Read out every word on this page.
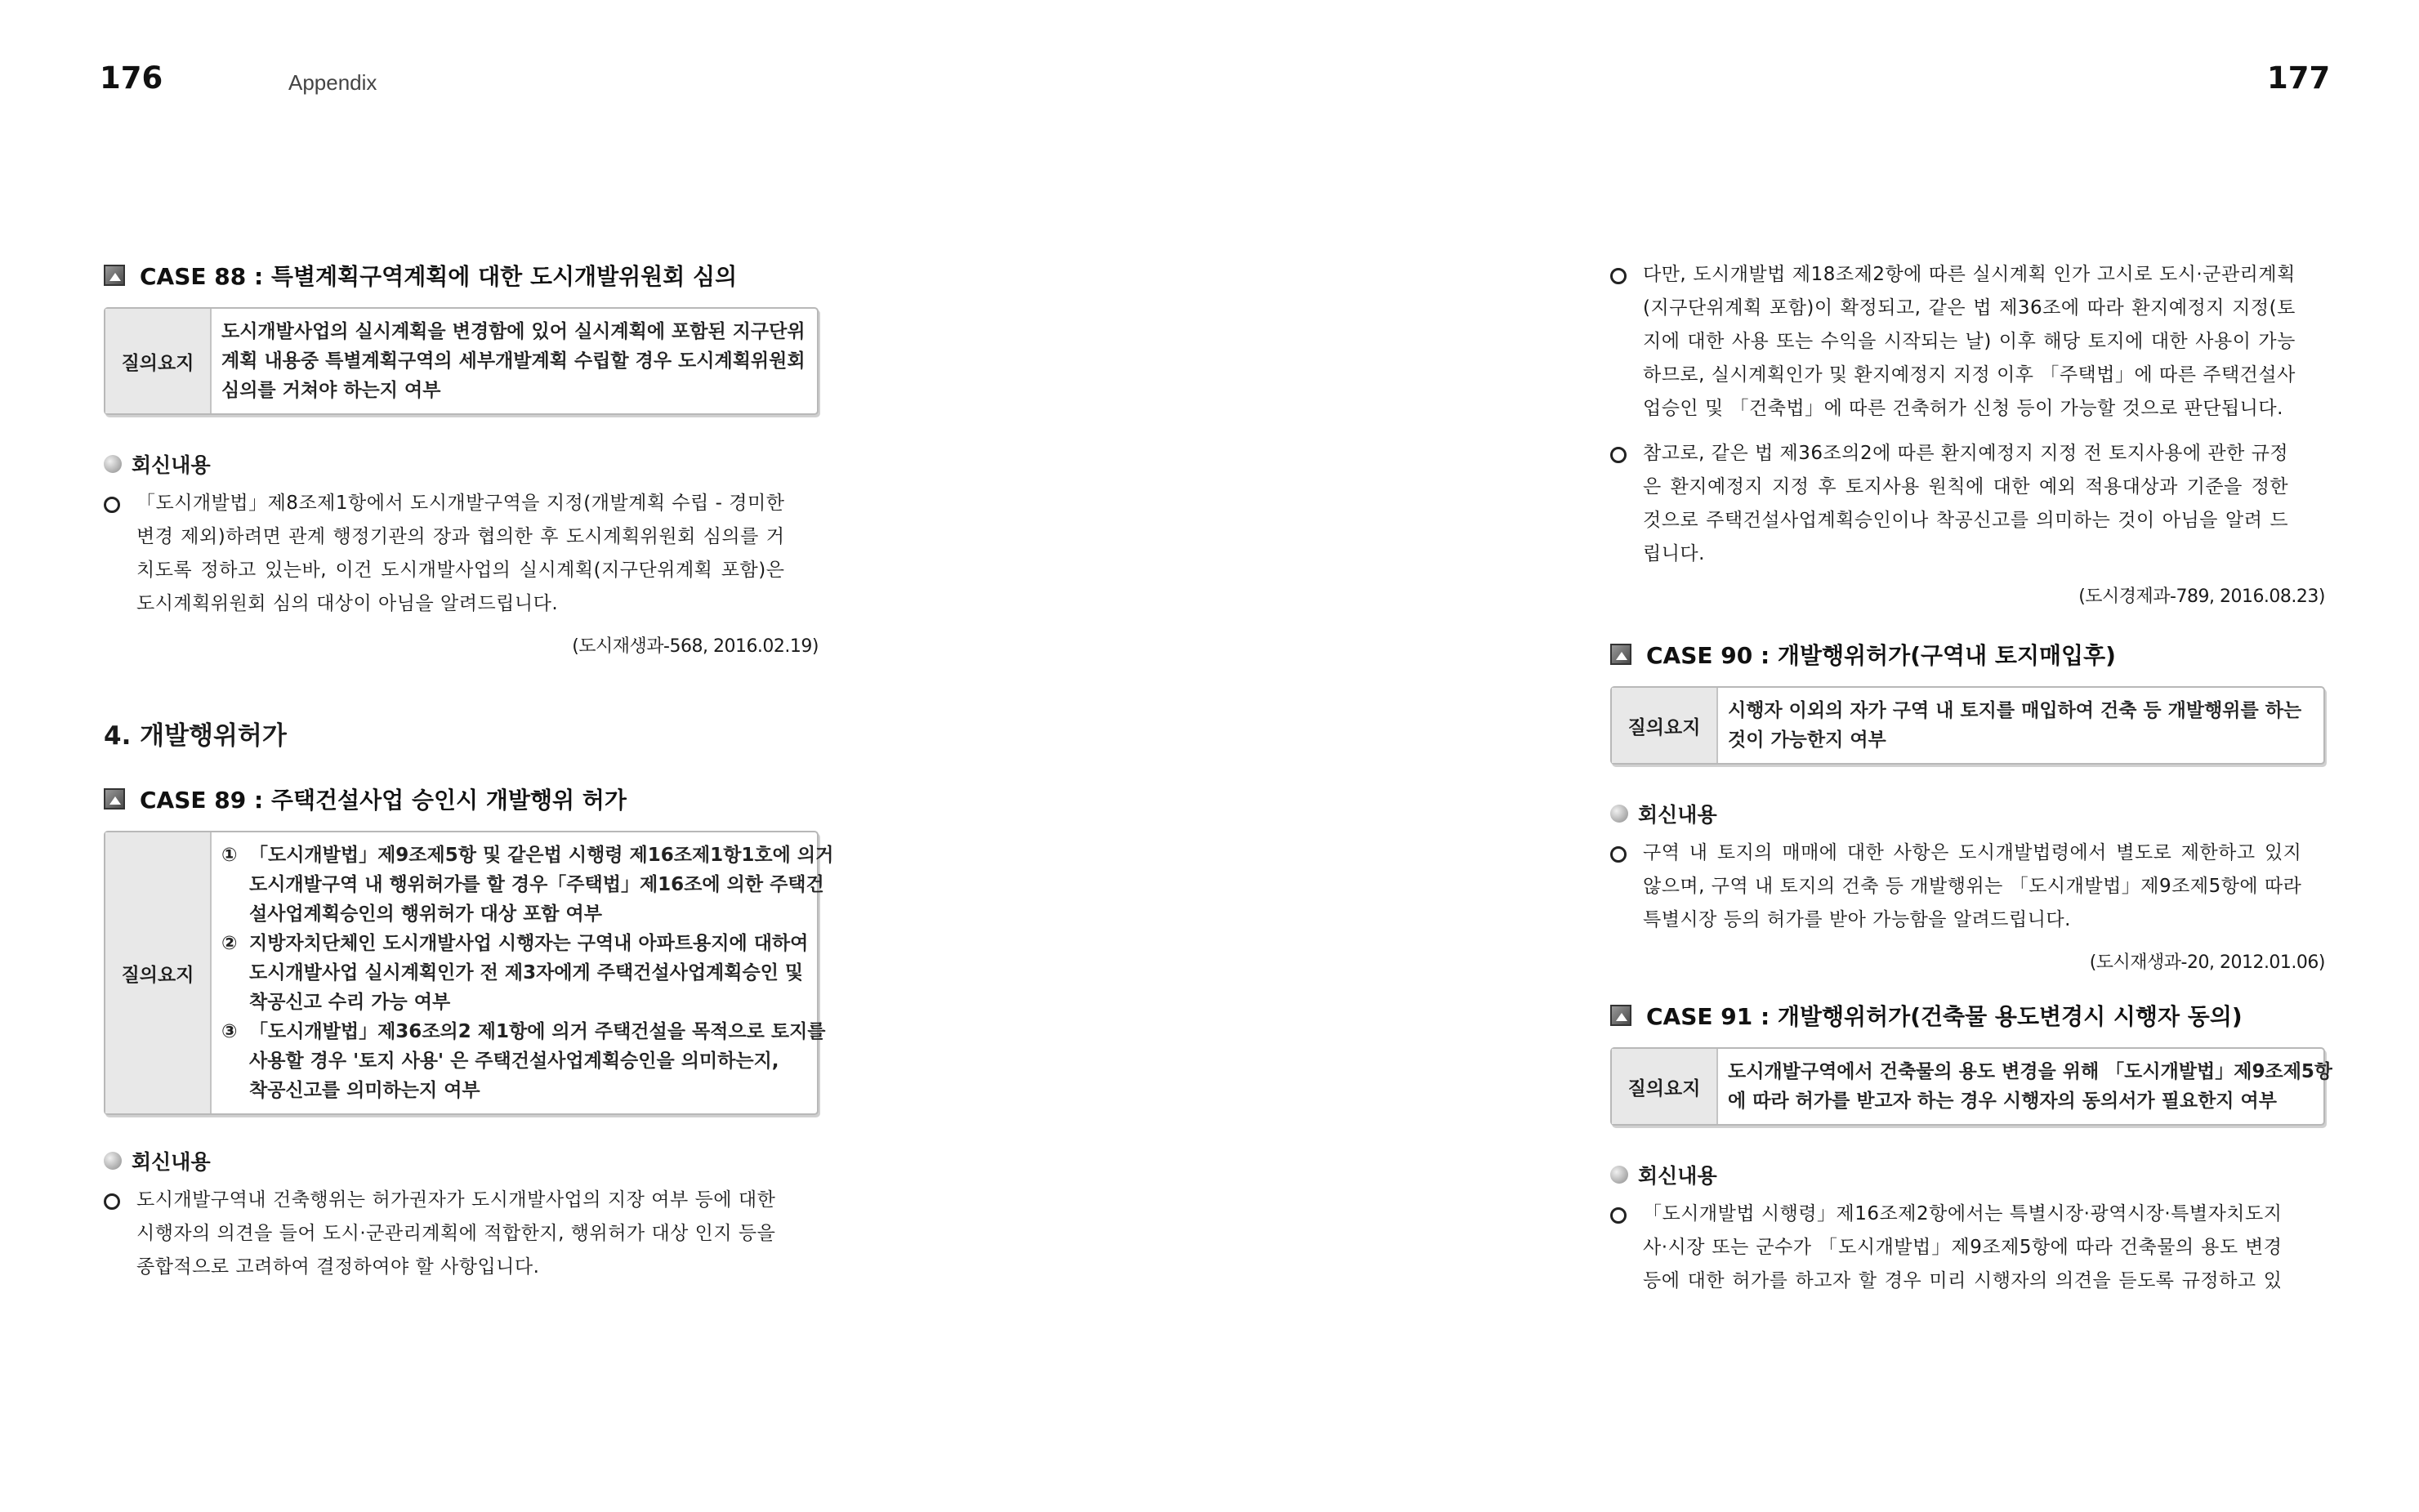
176	Appendix	177
CASE 88 : 특별계획구역계획에 대한 도시개발위원회 심의
질의요지
도시개발사업의 실시계획을 변경함에 있어 실시계획에 포함된 지구단위
계획 내용중 특별계획구역의 세부개발계획 수립할 경우 도시계획위원회
심의를 거쳐야 하는지 여부
회신내용
「도시개발법」제8조제1항에서 도시개발구역을 지정(개발계획 수립 - 경미한
변경 제외)하려면 관계 행정기관의 장과 협의한 후 도시계획위원회 심의를 거
치도록 정하고 있는바, 이건 도시개발사업의 실시계획(지구단위계획 포함)은
도시계획위원회 심의 대상이 아님을 알려드립니다.
(도시재생과-568, 2016.02.19)
4. 개발행위허가
CASE 89 : 주택건설사업 승인시 개발행위 허가
질의요지
① 「도시개발법」제9조제5항 및 같은법 시행령 제16조제1항1호에 의거
도시개발구역 내 행위허가를 할 경우「주택법」제16조에 의한 주택건
설사업계획승인의 행위허가 대상 포함 여부
② 지방자치단체인 도시개발사업 시행자는 구역내 아파트용지에 대하여
도시개발사업 실시계획인가 전 제3자에게 주택건설사업계획승인 및
착공신고 수리 가능 여부
③ 「도시개발법」제36조의2 제1항에 의거 주택건설을 목적으로 토지를
사용할 경우 '토지 사용' 은 주택건설사업계획승인을 의미하는지,
착공신고를 의미하는지 여부
회신내용
도시개발구역내 건축행위는 허가권자가 도시개발사업의 지장 여부 등에 대한
시행자의 의견을 들어 도시·군관리계획에 적합한지, 행위허가 대상 인지 등을
종합적으로 고려하여 결정하여야 할 사항입니다.
다만, 도시개발법 제18조제2항에 따른 실시계획 인가 고시로 도시·군관리계획
(지구단위계획 포함)이 확정되고, 같은 법 제36조에 따라 환지예정지 지정(토
지에 대한 사용 또는 수익을 시작되는 날) 이후 해당 토지에 대한 사용이 가능
하므로, 실시계획인가 및 환지예정지 지정 이후 「주택법」에 따른 주택건설사
업승인 및 「건축법」에 따른 건축허가 신청 등이 가능할 것으로 판단됩니다.
참고로, 같은 법 제36조의2에 따른 환지예정지 지정 전 토지사용에 관한 규정
은 환지예정지 지정 후 토지사용 원칙에 대한 예외 적용대상과 기준을 정한
것으로 주택건설사업계획승인이나 착공신고를 의미하는 것이 아님을 알려 드
립니다.
(도시경제과-789, 2016.08.23)
CASE 90 : 개발행위허가(구역내 토지매입후)
질의요지
시행자 이외의 자가 구역 내 토지를 매입하여 건축 등 개발행위를 하는
것이 가능한지 여부
회신내용
구역 내 토지의 매매에 대한 사항은 도시개발법령에서 별도로 제한하고 있지
않으며, 구역 내 토지의 건축 등 개발행위는 「도시개발법」제9조제5항에 따라
특별시장 등의 허가를 받아 가능함을 알려드립니다.
(도시재생과-20, 2012.01.06)
CASE 91 : 개발행위허가(건축물 용도변경시 시행자 동의)
질의요지
도시개발구역에서 건축물의 용도 변경을 위해 「도시개발법」제9조제5항
에 따라 허가를 받고자 하는 경우 시행자의 동의서가 필요한지 여부
회신내용
「도시개발법 시행령」제16조제2항에서는 특별시장·광역시장·특별자치도지
사·시장 또는 군수가 「도시개발법」제9조제5항에 따라 건축물의 용도 변경
등에 대한 허가를 하고자 할 경우 미리 시행자의 의견을 듣도록 규정하고 있
